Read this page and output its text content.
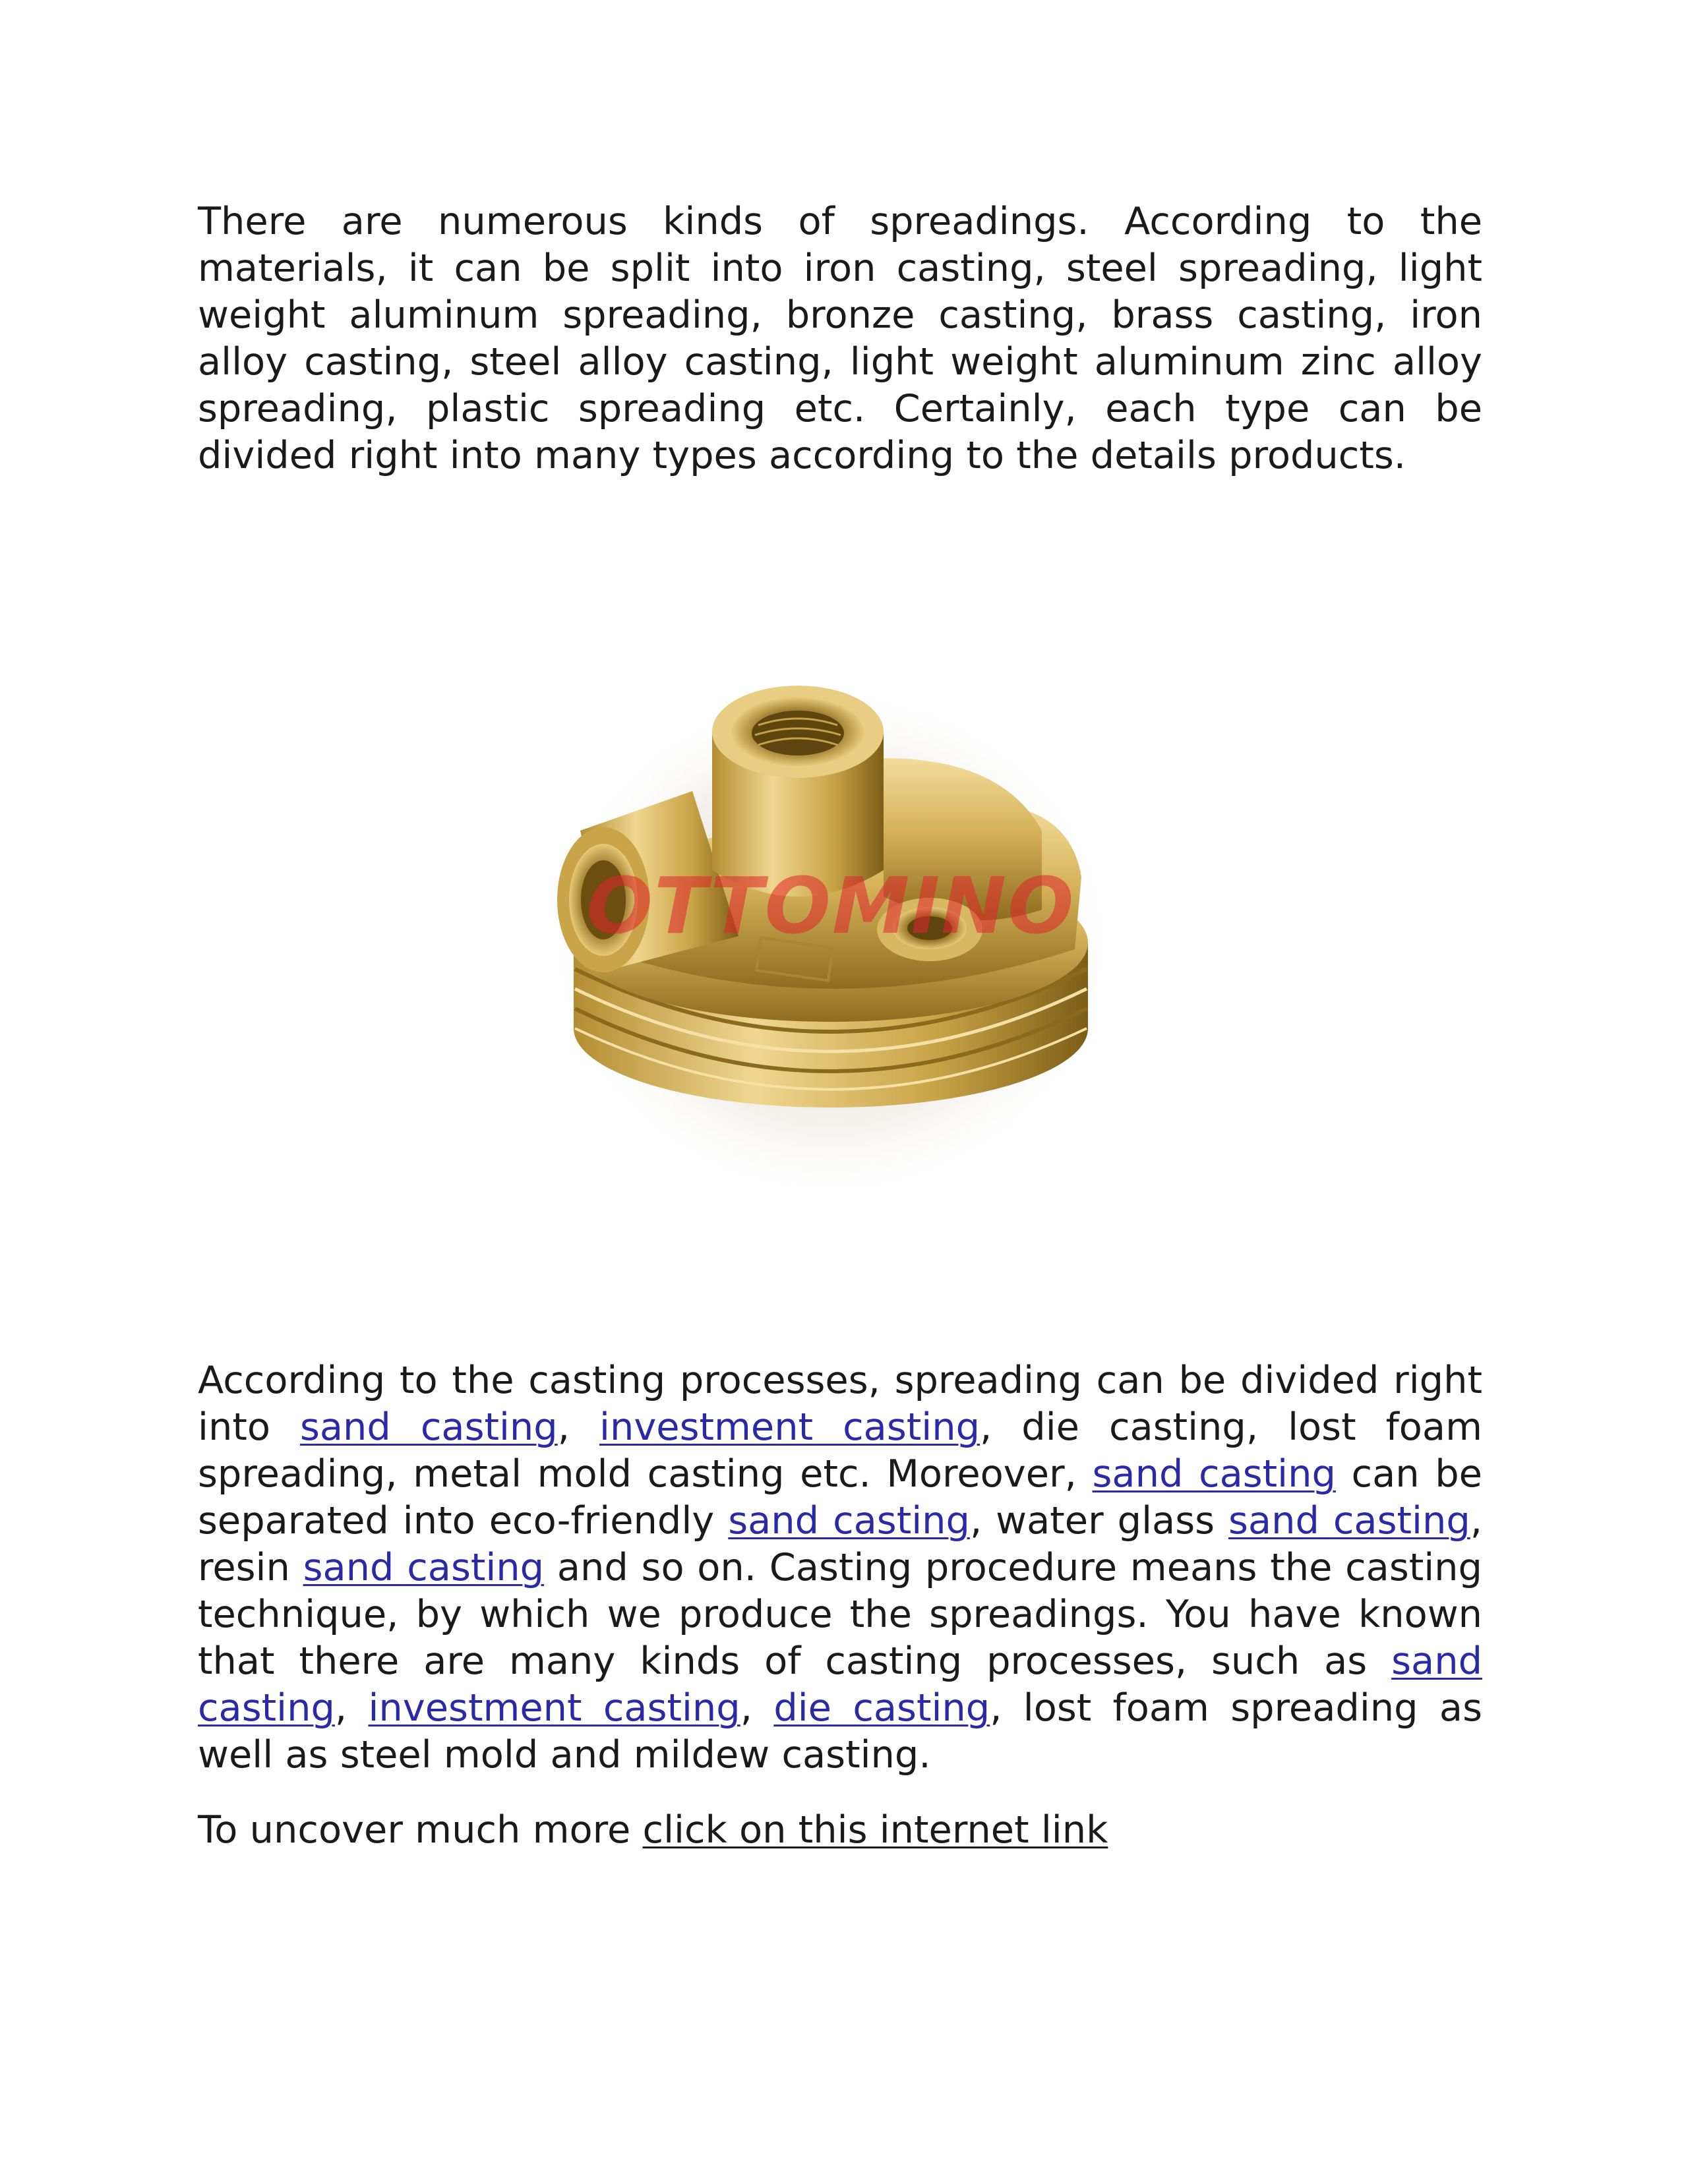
There are numerous kinds of spreadings. According to the materials, it can be split into iron casting, steel spreading, light weight aluminum spreading, bronze casting, brass casting, iron alloy casting, steel alloy casting, light weight aluminum zinc alloy spreading, plastic spreading etc. Certainly, each type can be divided right into many types according to the details products.

OTTOMINO

According to the casting processes, spreading can be divided right into sand casting, investment casting, die casting, lost foam spreading, metal mold casting etc. Moreover, sand casting can be separated into eco-friendly sand casting, water glass sand casting, resin sand casting and so on. Casting procedure means the casting technique, by which we produce the spreadings. You have known that there are many kinds of casting processes, such as sand casting, investment casting, die casting, lost foam spreading as well as steel mold and mildew casting.

To uncover much more click on this internet link
